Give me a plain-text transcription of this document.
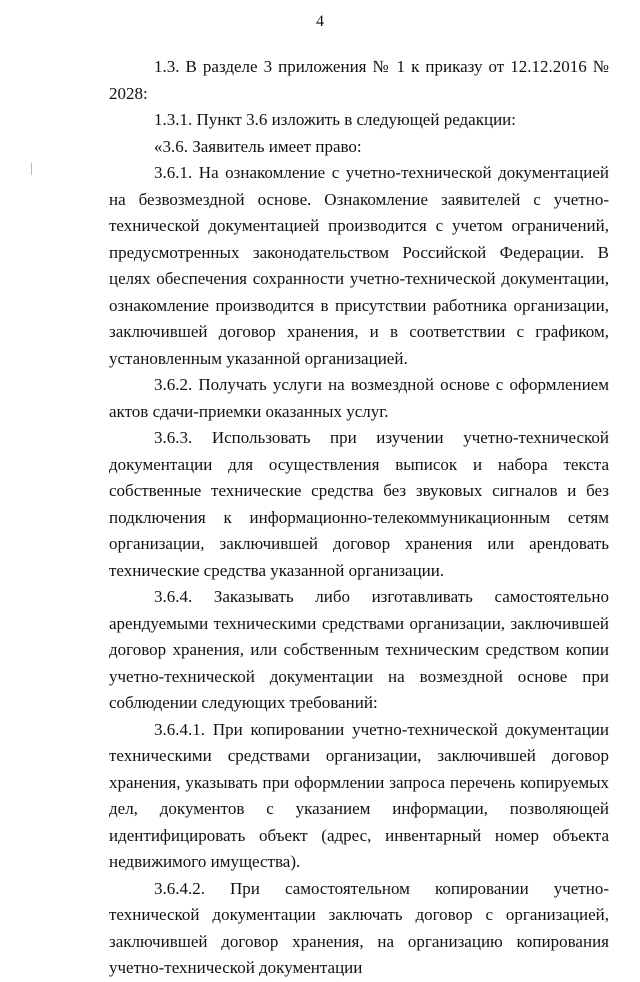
4

1.3. В разделе 3 приложения № 1 к приказу от 12.12.2016 № 2028:

1.3.1. Пункт 3.6 изложить в следующей редакции:

«3.6. Заявитель имеет право:

3.6.1. На ознакомление с учетно-технической документацией на безвозмездной основе. Ознакомление заявителей с учетно-технической документацией производится с учетом ограничений, предусмотренных законодательством Российской Федерации. В целях обеспечения сохранности учетно-технической документации, ознакомление производится в присутствии работника организации, заключившей договор хранения, и в соответствии с графиком, установленным указанной организацией.

3.6.2. Получать услуги на возмездной основе с оформлением актов сдачи-приемки оказанных услуг.

3.6.3. Использовать при изучении учетно-технической документации для осуществления выписок и набора текста собственные технические средства без звуковых сигналов и без подключения к информационно-телекоммуникационным сетям организации, заключившей договор хранения или арендовать технические средства указанной организации.

3.6.4. Заказывать либо изготавливать самостоятельно арендуемыми техническими средствами организации, заключившей договор хранения, или собственным техническим средством копии учетно-технической документации на возмездной основе при соблюдении следующих требований:

3.6.4.1. При копировании учетно-технической документации техническими средствами организации, заключившей договор хранения, указывать при оформлении запроса перечень копируемых дел, документов с указанием информации, позволяющей идентифицировать объект (адрес, инвентарный номер объекта недвижимого имущества).

3.6.4.2. При самостоятельном копировании учетно-технической документации заключать договор с организацией, заключившей договор хранения, на организацию копирования учетно-технической документации
